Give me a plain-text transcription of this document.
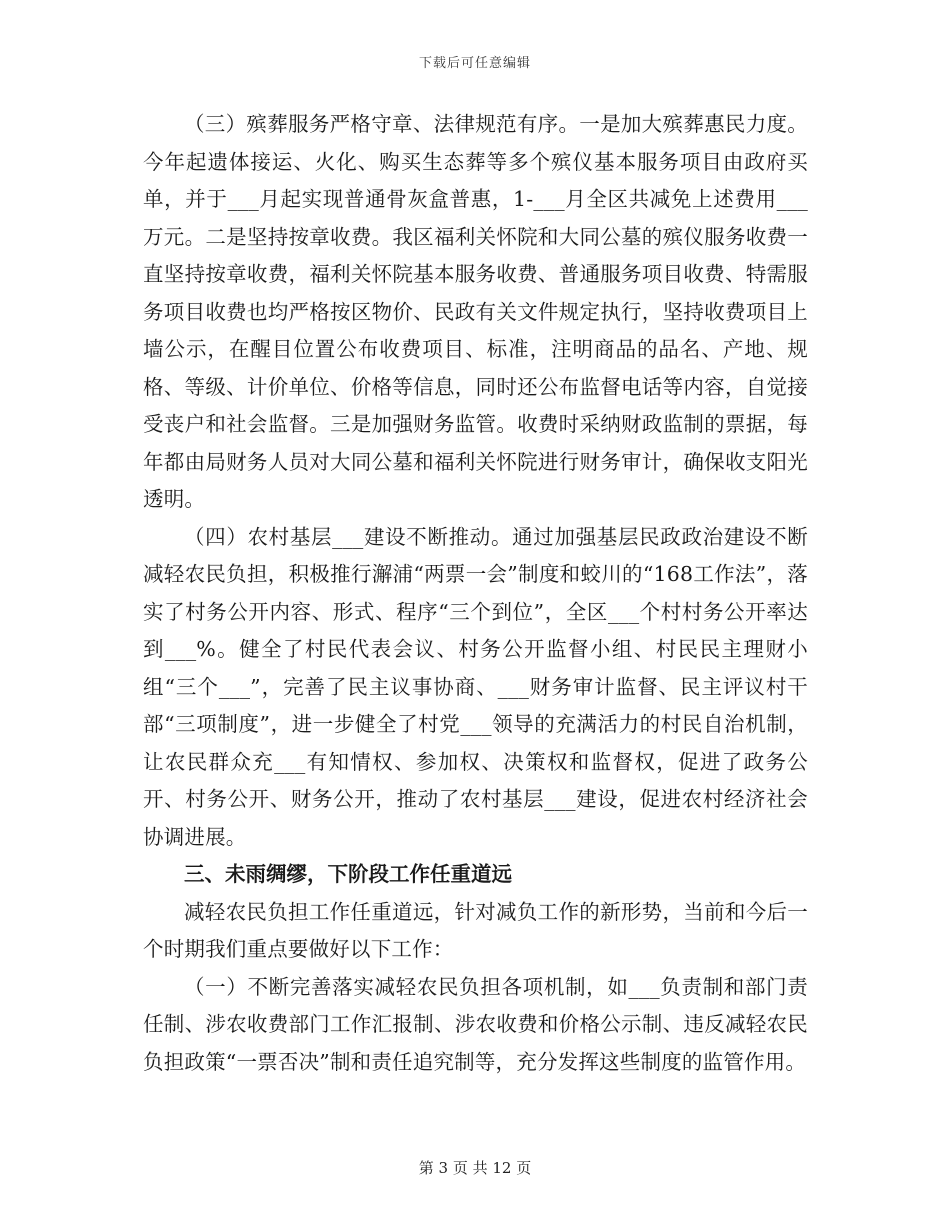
下载后可任意编辑

（三）殡葬服务严格守章、法律规范有序。一是加大殡葬惠民力度。今年起遗体接运、火化、购买生态葬等多个殡仪基本服务项目由政府买单，并于___月起实现普通骨灰盒普惠，1-___月全区共减免上述费用___万元。二是坚持按章收费。我区福利关怀院和大同公墓的殡仪服务收费一直坚持按章收费，福利关怀院基本服务收费、普通服务项目收费、特需服务项目收费也均严格按区物价、民政有关文件规定执行，坚持收费项目上墙公示，在醒目位置公布收费项目、标准，注明商品的品名、产地、规格、等级、计价单位、价格等信息，同时还公布监督电话等内容，自觉接受丧户和社会监督。三是加强财务监管。收费时采纳财政监制的票据，每年都由局财务人员对大同公墓和福利关怀院进行财务审计，确保收支阳光透明。

（四）农村基层___建设不断推动。通过加强基层民政政治建设不断减轻农民负担，积极推行澥浦“两票一会”制度和蛟川的“168工作法”，落实了村务公开内容、形式、程序“三个到位”，全区___个村村务公开率达到___%。健全了村民代表会议、村务公开监督小组、村民民主理财小组“三个___”，完善了民主议事协商、___财务审计监督、民主评议村干部“三项制度”，进一步健全了村党___领导的充满活力的村民自治机制，让农民群众充___有知情权、参加权、决策权和监督权，促进了政务公开、村务公开、财务公开，推动了农村基层___建设，促进农村经济社会协调进展。

三、未雨绸缪，下阶段工作任重道远

减轻农民负担工作任重道远，针对减负工作的新形势，当前和今后一个时期我们重点要做好以下工作：

（一）不断完善落实减轻农民负担各项机制，如___负责制和部门责任制、涉农收费部门工作汇报制、涉农收费和价格公示制、违反减轻农民负担政策“一票否决”制和责任追究制等，充分发挥这些制度的监管作用。

第 3 页 共 12 页
